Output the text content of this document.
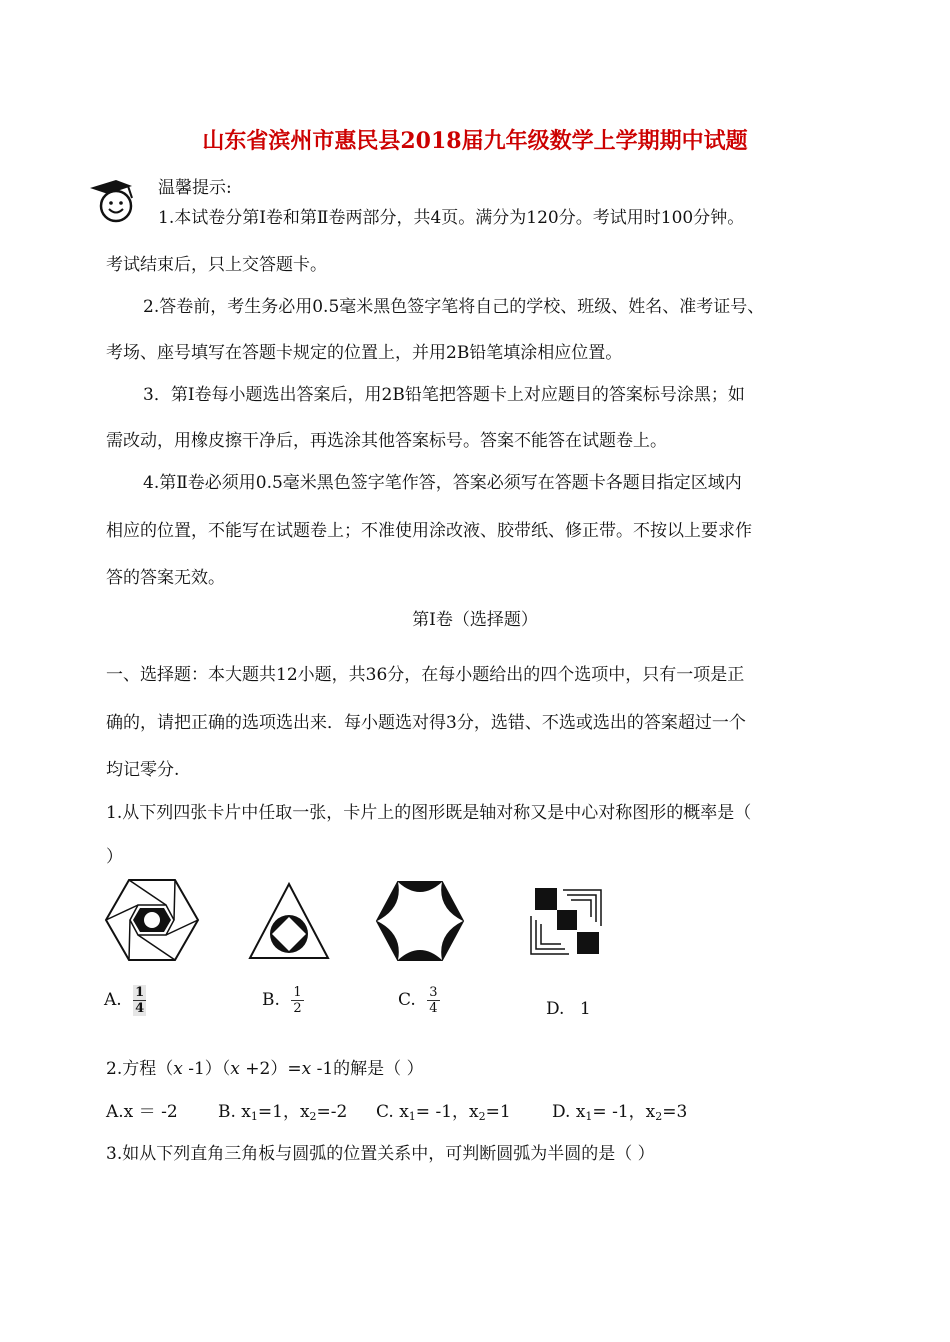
山东省滨州市惠民县2018届九年级数学上学期期中试题
温馨提示:
1.本试卷分第Ⅰ卷和第Ⅱ卷两部分，共4页。满分为120分。考试用时100分钟。
考试结束后，只上交答题卡。
2.答卷前，考生务必用0.5毫米黑色签字笔将自己的学校、班级、姓名、准考证号、
考场、座号填写在答题卡规定的位置上，并用2B铅笔填涂相应位置。
3．第Ⅰ卷每小题选出答案后，用2B铅笔把答题卡上对应题目的答案标号涂黑；如
需改动，用橡皮擦干净后，再选涂其他答案标号。答案不能答在试题卷上。
4.第Ⅱ卷必须用0.5毫米黑色签字笔作答，答案必须写在答题卡各题目指定区域内
相应的位置，不能写在试题卷上；不准使用涂改液、胶带纸、修正带。不按以上要求作
答的答案无效。
第Ⅰ卷（选择题）
一、选择题：本大题共12小题，共36分，在每小题给出的四个选项中，只有一项是正
确的，请把正确的选项选出来．每小题选对得3分，选错、不选或选出的答案超过一个
均记零分.
1.从下列四张卡片中任取一张，卡片上的图形既是轴对称又是中心对称图形的概率是（
）
A. $\frac{1}{4}$	B. $\frac{1}{2}$	C. $\frac{3}{4}$	D. 1
2.方程（x -1）（x +2）=x -1的解是（ ）
A.x ＝ -2 B. $x_1=1$，$x_2=-2$ C. $x_1= -1$，$x_2=1$ D. $x_1= -1$，$x_2=3$
3.如从下列直角三角板与圆弧的位置关系中，可判断圆弧为半圆的是（ ）
